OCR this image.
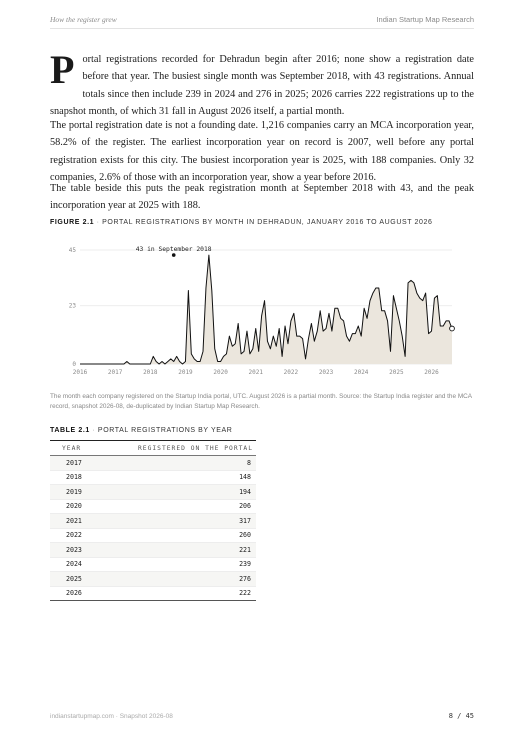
How the register grew	Indian Startup Map Research

Portal registrations recorded for Dehradun begin after 2016; none show a registration date before that year. The busiest single month was September 2018, with 43 registrations. Annual totals since then include 239 in 2024 and 276 in 2025; 2026 carries 222 registrations up to the snapshot month, of which 31 fall in August 2026 itself, a partial month.

The portal registration date is not a founding date. 1,216 companies carry an MCA incorporation year, 58.2% of the register. The earliest incorporation year on record is 2007, well before any portal registration exists for this city. The busiest incorporation year is 2025, with 188 companies. Only 32 companies, 2.6% of those with an incorporation year, show a year before 2016.

The table beside this puts the peak registration month at September 2018 with 43, and the peak incorporation year at 2025 with 188.

FIGURE 2.1 · PORTAL REGISTRATIONS BY MONTH IN DEHRADUN, JANUARY 2016 TO AUGUST 2026
0
23
45
2016	2017	2018	2019	2020	2021	2022	2023	2024	2025	2026
43 in September 2018

The month each company registered on the Startup India portal, UTC. August 2026 is a partial month. Source: the Startup India register and the MCA record, snapshot 2026-08, de-duplicated by Indian Startup Map Research.

TABLE 2.1 · PORTAL REGISTRATIONS BY YEAR
YEAR	REGISTERED ON THE PORTAL
2017	8
2018	148
2019	194
2020	206
2021	317
2022	260
2023	221
2024	239
2025	276
2026	222
indianstartupmap.com · Snapshot 2026-08	8 / 45
